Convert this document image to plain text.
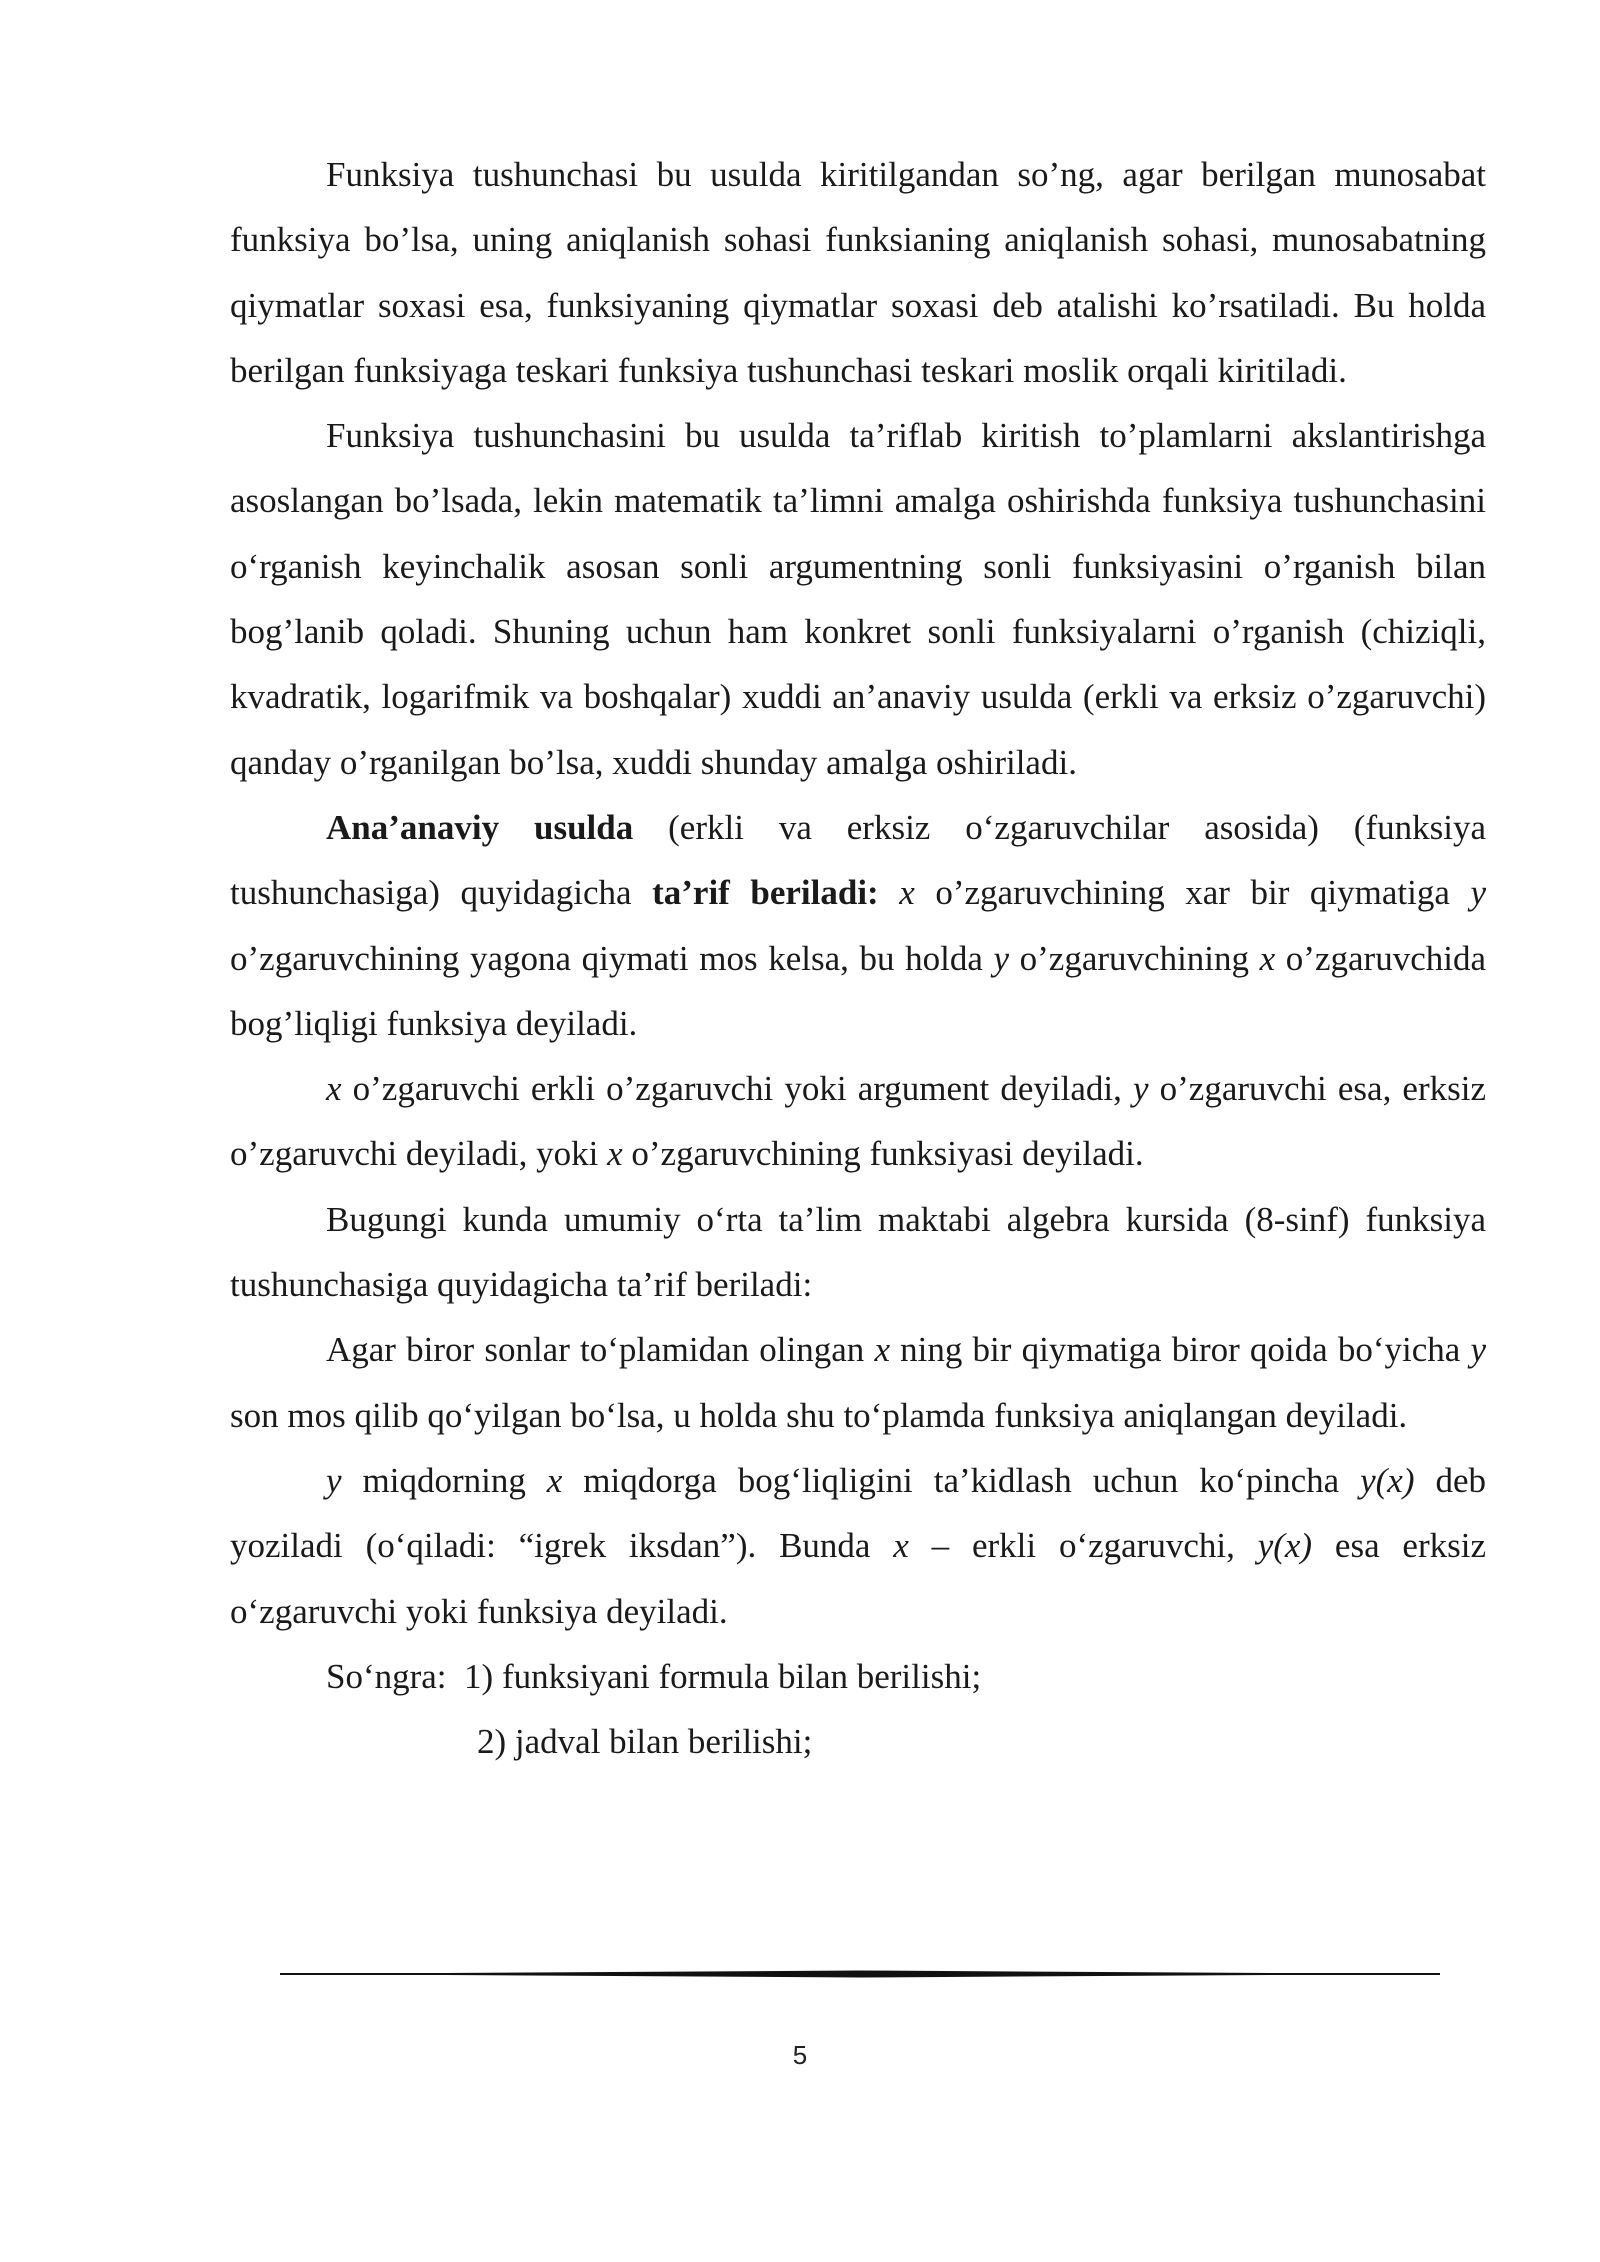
Funksiya tushunchasi bu usulda kiritilgandan so’ng, agar berilgan munosabat funksiya bo’lsa, uning aniqlanish sohasi funksianing aniqlanish sohasi, munosabatning qiymatlar soxasi esa, funksiyaning qiymatlar soxasi deb atalishi ko’rsatiladi. Bu holda berilgan funksiyaga teskari funksiya tushunchasi teskari moslik orqali kiritiladi.

Funksiya tushunchasini bu usulda ta’riflab kiritish to’plamlarni akslantirishga asoslangan bo’lsada, lekin matematik ta’limni amalga oshirishda funksiya tushunchasini o‘rganish keyinchalik asosan sonli argumentning sonli funksiyasini o’rganish bilan bog’lanib qoladi. Shuning uchun ham konkret sonli funksiyalarni o’rganish (chiziqli, kvadratik, logarifmik va boshqalar) xuddi an’anaviy usulda (erkli va erksiz o’zgaruvchi) qanday o’rganilgan bo’lsa, xuddi shunday amalga oshiriladi.

Ana’anaviy usulda (erkli va erksiz o‘zgaruvchilar asosida) (funksiya tushunchasiga) quyidagicha ta’rif beriladi: x o’zgaruvchining xar bir qiymatiga y o’zgaruvchining yagona qiymati mos kelsa, bu holda y o’zgaruvchining x o’zgaruvchida bog’liqligi funksiya deyiladi.

x o’zgaruvchi erkli o’zgaruvchi yoki argument deyiladi, y o’zgaruvchi esa, erksiz o’zgaruvchi deyiladi, yoki x o’zgaruvchining funksiyasi deyiladi.

Bugungi kunda umumiy o‘rta ta’lim maktabi algebra kursida (8-sinf) funksiya tushunchasiga quyidagicha ta’rif beriladi:

Agar biror sonlar to‘plamidan olingan x ning bir qiymatiga biror qoida bo‘yicha y son mos qilib qo‘yilgan bo‘lsa, u holda shu to‘plamda funksiya aniqlangan deyiladi.

y miqdorning x miqdorga bog‘liqligini ta’kidlash uchun ko‘pincha y(x) deb yoziladi (o‘qiladi: “igrek iksdan”). Bunda x – erkli o‘zgaruvchi, y(x) esa erksiz o‘zgaruvchi yoki funksiya deyiladi.

So‘ngra: 1) funksiyani formula bilan berilishi;

2) jadval bilan berilishi;

5
